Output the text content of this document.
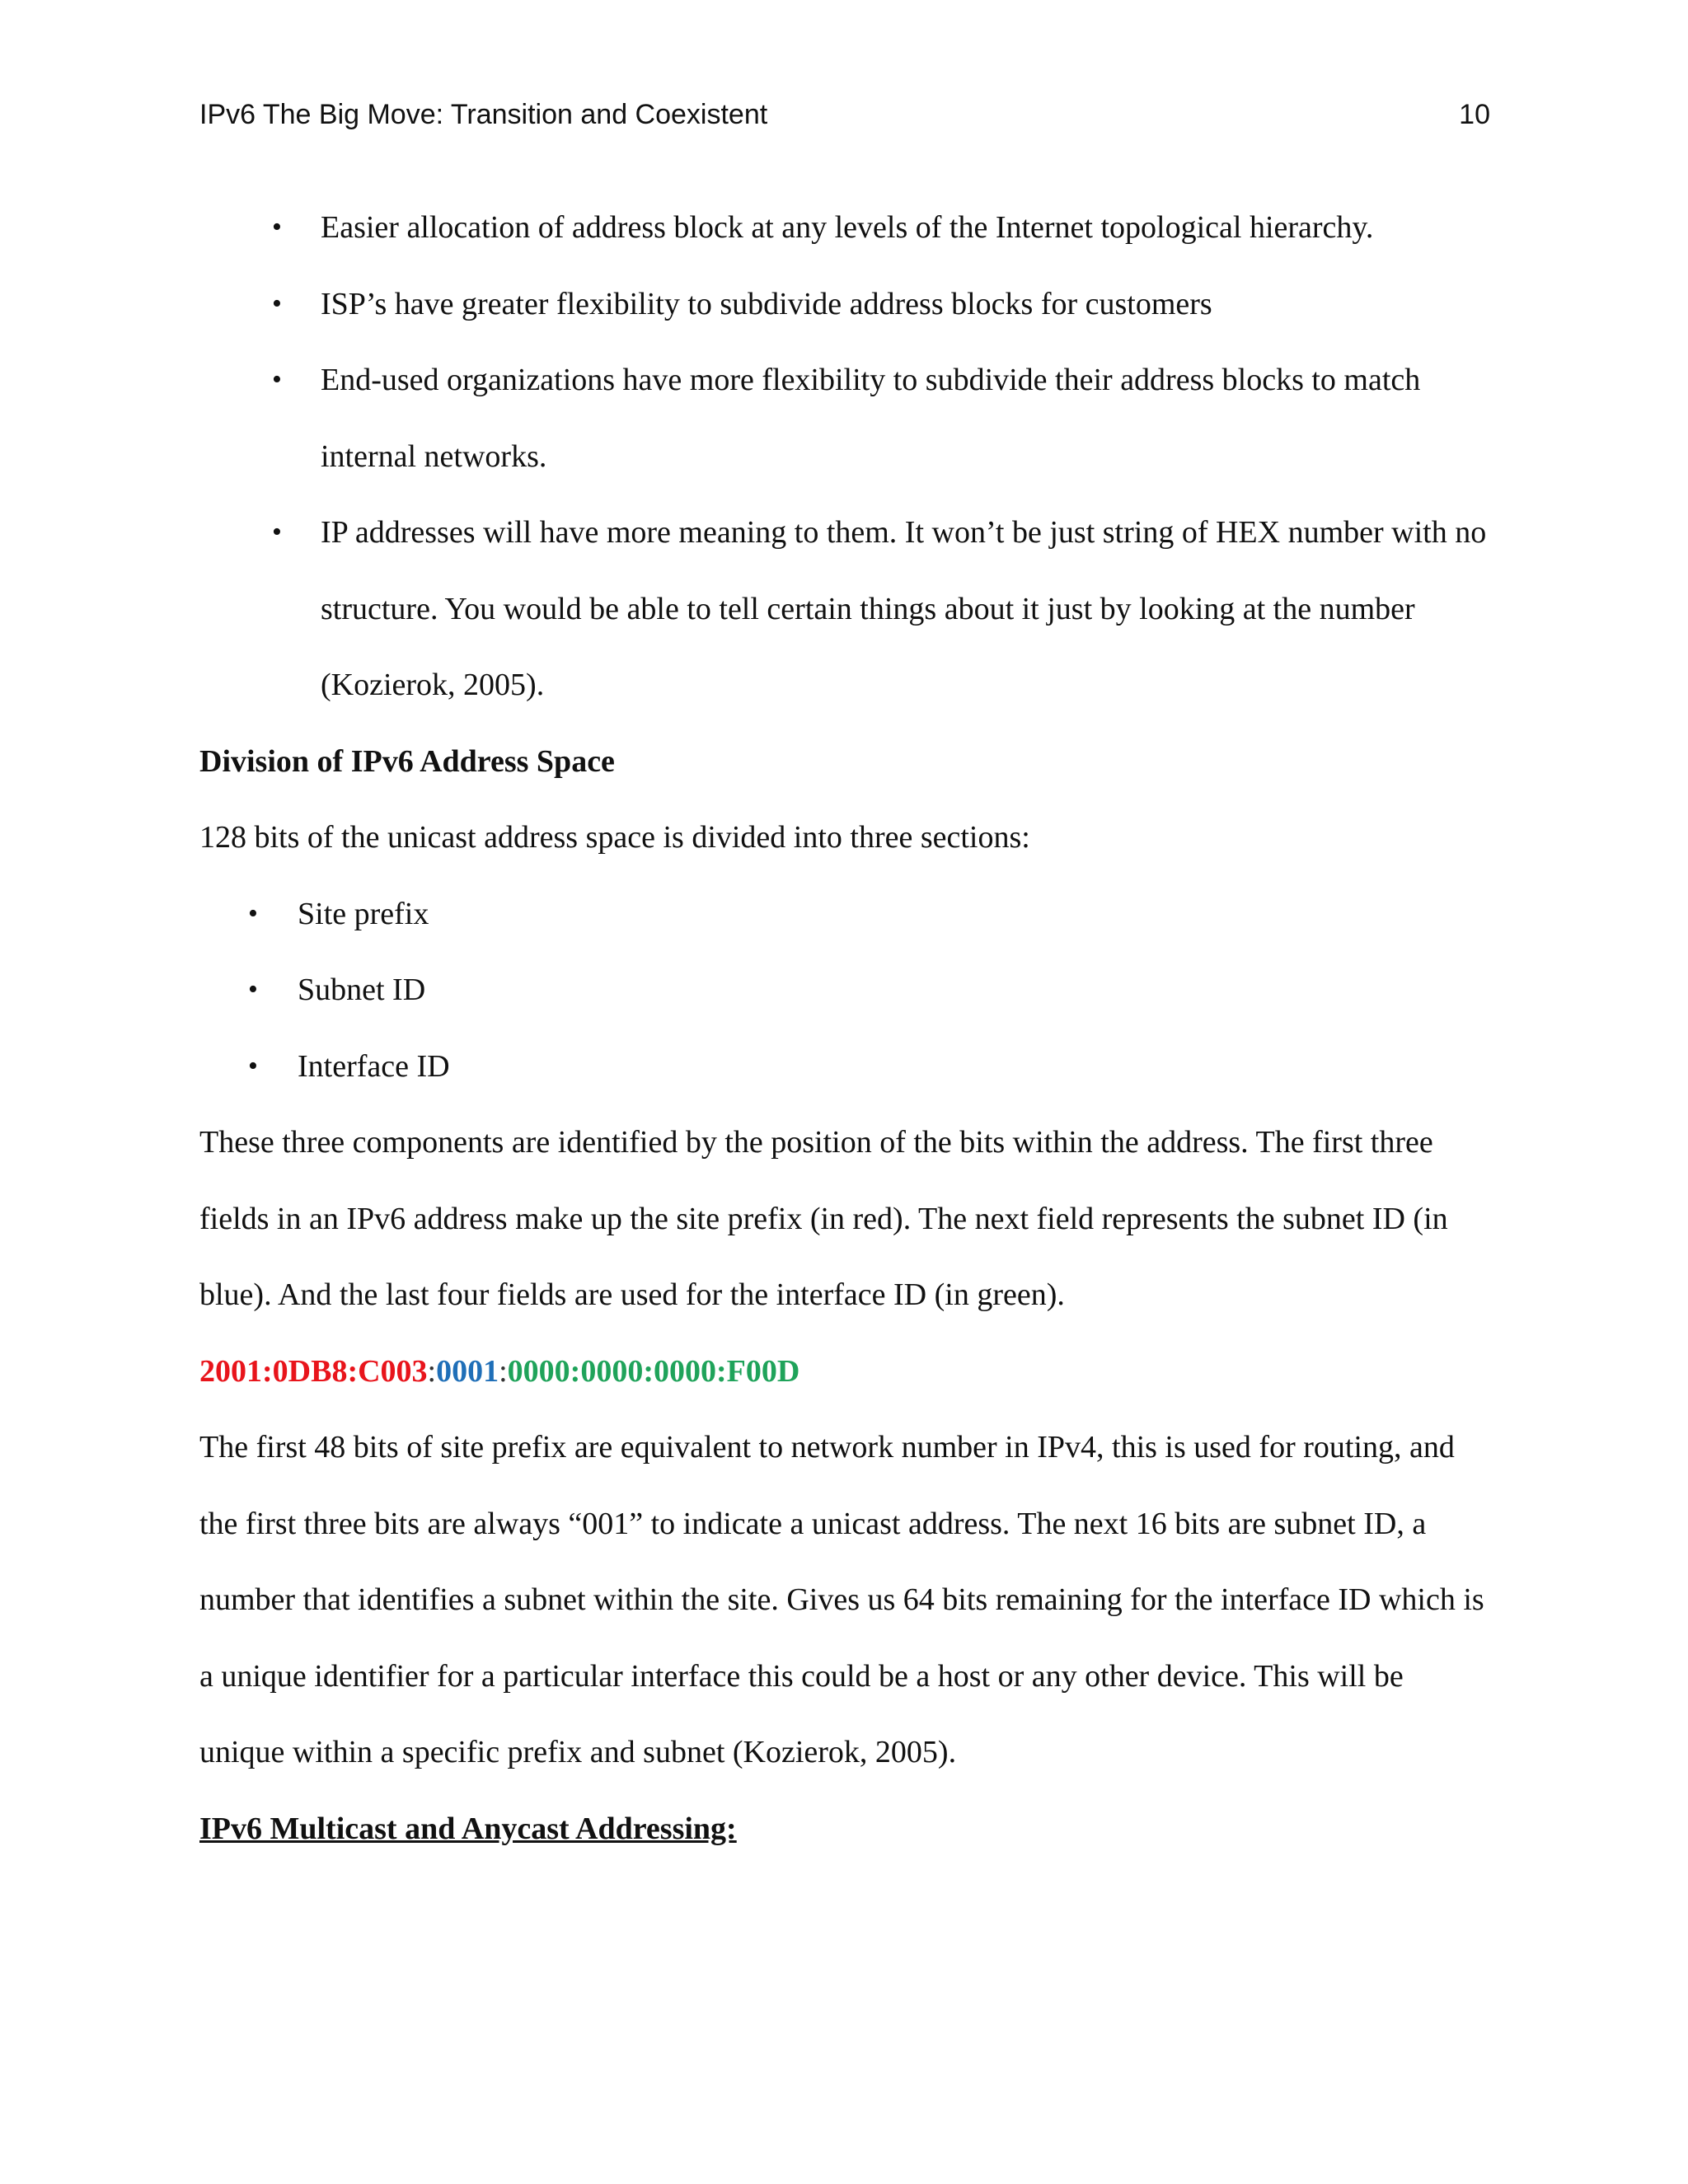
IPv6 The Big Move: Transition and Coexistent	10
• Easier allocation of address block at any levels of the Internet topological hierarchy.
• ISP’s have greater flexibility to subdivide address blocks for customers
• End-used organizations have more flexibility to subdivide their address blocks to match internal networks.
• IP addresses will have more meaning to them. It won’t be just string of HEX number with no structure. You would be able to tell certain things about it just by looking at the number (Kozierok, 2005).

Division of IPv6 Address Space

128 bits of the unicast address space is divided into three sections:

• Site prefix
• Subnet ID
• Interface ID

These three components are identified by the position of the bits within the address. The first three fields in an IPv6 address make up the site prefix (in red). The next field represents the subnet ID (in blue). And the last four fields are used for the interface ID (in green).

2001:0DB8:C003:0001:0000:0000:0000:F00D

The first 48 bits of site prefix are equivalent to network number in IPv4, this is used for routing, and the first three bits are always “001” to indicate a unicast address. The next 16 bits are subnet ID, a number that identifies a subnet within the site. Gives us 64 bits remaining for the interface ID which is a unique identifier for a particular interface this could be a host or any other device. This will be unique within a specific prefix and subnet (Kozierok, 2005).

IPv6 Multicast and Anycast Addressing:
